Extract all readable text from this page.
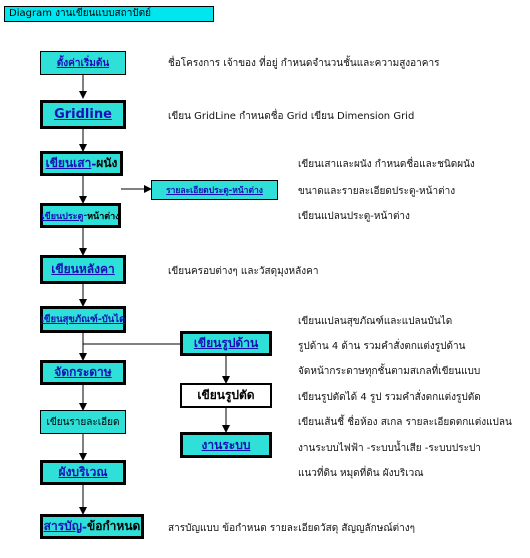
Diagram งานเขียนแบบสถาปัตย์
ตั้งค่าเริ่มต้น	ชื่อโครงการ เจ้าของ ที่อยู่ กำหนดจำนวนชั้นและความสูงอาคาร
Gridline	เขียน GridLine กำหนดชื่อ Grid เขียน Dimension Grid
เขียนเสา - ผนัง
รายละเอียดประตู-หน้าต่าง
เขียนเสาและผนัง กำหนดชื่อและชนิดผนัง
ขนาดและรายละเอียดประตู-หน้าต่าง
เขียนแปลนประตู-หน้าต่าง
เขียนประตู - หน้าต่าง
เขียนหลังคา	เขียนครอบต่างๆ และวัสดุมุงหลังคา
เขียนสุขภัณฑ์-บันได	เขียนแปลนสุขภัณฑ์และแปลนบันได
เขียนรูปด้าน	รูปด้าน 4 ด้าน รวมคำสั่งตกแต่งรูปด้าน
จัดกระดาษ	จัดหน้ากระดาษทุกชั้นตามสเกลที่เขียนแบบ
เขียนรูปตัด	เขียนรูปตัดได้ 4 รูป รวมคำสั่งตกแต่งรูปตัด
เขียนรายละเอียด	เขียนเส้นชี้ ชื่อห้อง สเกล รายละเอียดตกแต่งแปลน
งานระบบ	งานระบบไฟฟ้า -ระบบน้ำเสีย -ระบบประปา
แนวที่ดิน หมุดที่ดิน ผังบริเวณ
ผังบริเวณ
สารบัญ - ข้อกำหนด	สารบัญแบบ ข้อกำหนด รายละเอียดวัสดุ สัญญลักษณ์ต่างๆ
